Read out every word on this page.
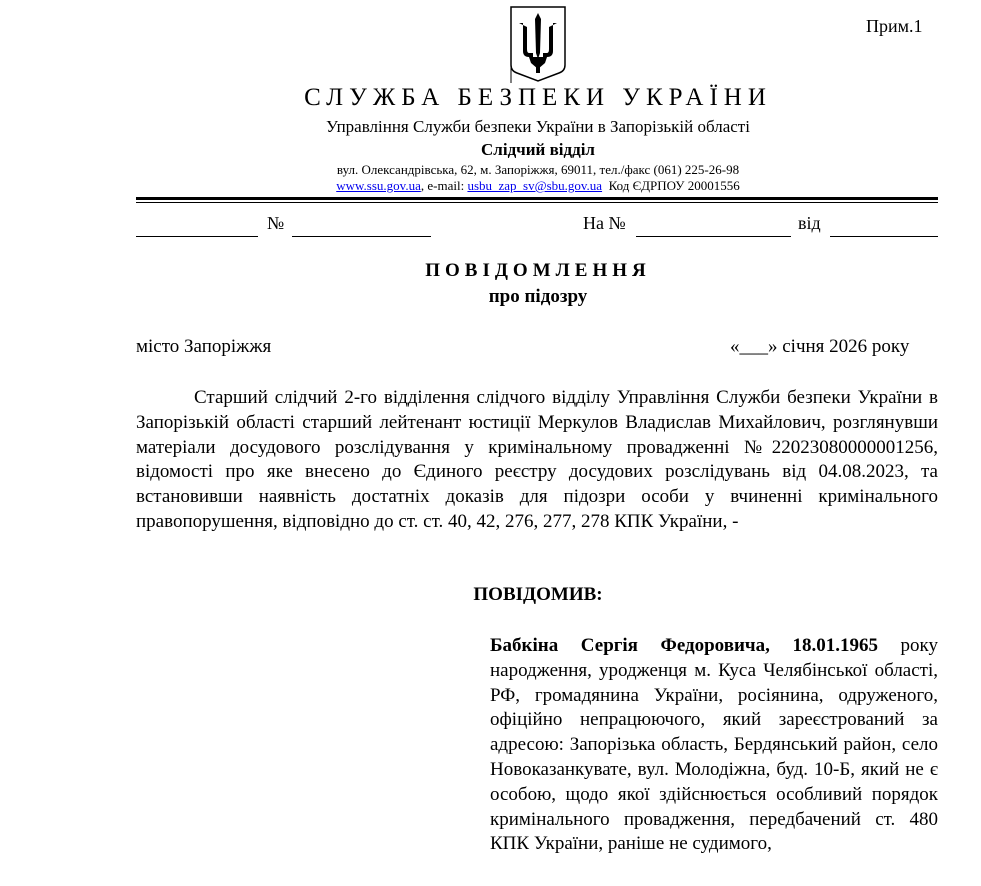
Прим.1
СЛУЖБА БЕЗПЕКИ УКРАЇНИ
Управління Служби безпеки України в Запорізькій області
Слідчий відділ
вул. Олександрівська, 62, м. Запоріжжя, 69011, тел./факс (061) 225-26-98
www.ssu.gov.ua, e-mail: usbu_zap_sv@sbu.gov.ua Код ЄДРПОУ 20001556
№	На №	від
ПОВІДОМЛЕННЯ
про підозру
місто Запоріжжя	«___» січня 2026 року
Старший слідчий 2-го відділення слідчого відділу Управління Служби безпеки України в Запорізькій області старший лейтенант юстиції Меркулов Владислав Михайлович, розглянувши матеріали досудового розслідування у кримінальному провадженні №22023080000001256, відомості про яке внесено до Єдиного реєстру досудових розслідувань від 04.08.2023, та встановивши наявність достатніх доказів для підозри особи у вчиненні кримінального правопорушення, відповідно до ст. ст. 40, 42, 276, 277, 278 КПК України, -
ПОВІДОМИВ:
Бабкіна Сергія Федоровича, 18.01.1965 року народження, уродженця м. Куса Челябінської області, РФ, громадянина України, росіянина, одруженого, офіційно непрацюючого, який зареєстрований за адресою: Запорізька область, Бердянський район, село Новоказанкувате, вул. Молодіжна, буд. 10-Б, який не є особою, щодо якої здійснюється особливий порядок кримінального провадження, передбачений ст. 480 КПК України, раніше не судимого,
